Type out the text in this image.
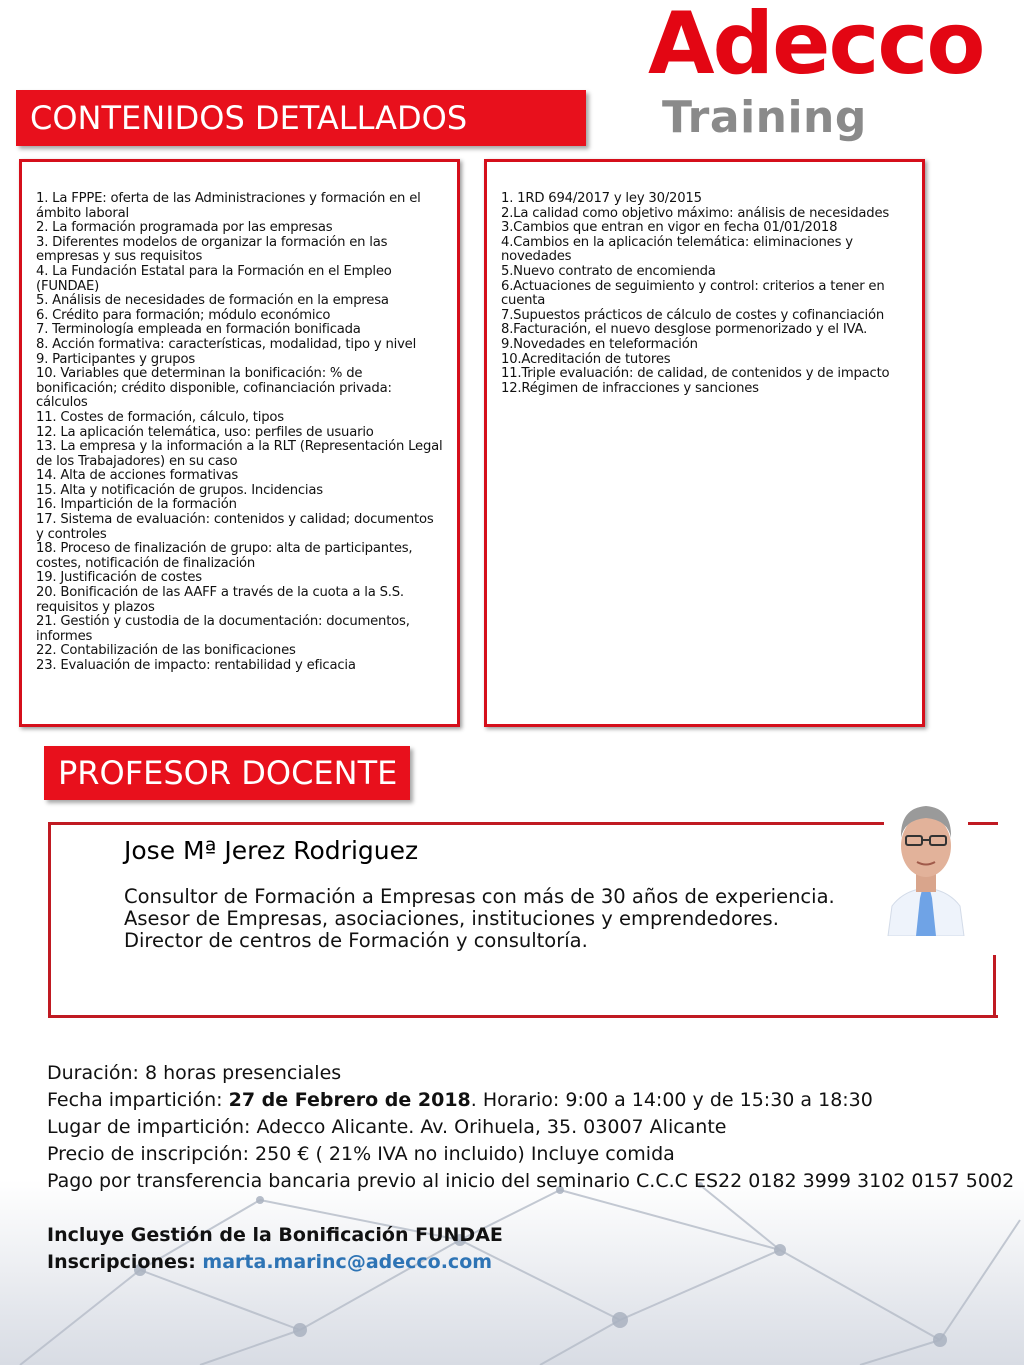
Adecco
Training
CONTENIDOS DETALLADOS
1. La FPPE: oferta de las Administraciones y formación en el ámbito laboral
2. La formación programada por las empresas
3. Diferentes modelos de organizar la formación en las empresas y sus requisitos
4. La Fundación Estatal para la Formación en el Empleo (FUNDAE)
5. Análisis de necesidades de formación en la empresa
6. Crédito para formación; módulo económico
7. Terminología empleada en formación bonificada
8. Acción formativa: características, modalidad, tipo y nivel
9. Participantes y grupos
10. Variables que determinan la bonificación: % de bonificación; crédito disponible, cofinanciación privada: cálculos
11. Costes de formación, cálculo, tipos
12. La aplicación telemática, uso: perfiles de usuario
13. La empresa y la información a la RLT (Representación Legal de los Trabajadores) en su caso
14. Alta de acciones formativas
15. Alta y notificación de grupos. Incidencias
16. Impartición de la formación
17. Sistema de evaluación: contenidos y calidad; documentos y controles
18. Proceso de finalización de grupo: alta de participantes, costes, notificación de finalización
19. Justificación de costes
20. Bonificación de las AAFF a través de la cuota a la S.S. requisitos y plazos
21. Gestión y custodia de la documentación: documentos, informes
22. Contabilización de las bonificaciones
23. Evaluación de impacto: rentabilidad y eficacia
1. 1RD 694/2017 y ley 30/2015
2.La calidad como objetivo máximo: análisis de necesidades
3.Cambios que entran en vigor en fecha 01/01/2018
4.Cambios en la aplicación telemática: eliminaciones y novedades
5.Nuevo contrato de encomienda
6.Actuaciones de seguimiento y control: criterios a tener en cuenta
7.Supuestos prácticos de cálculo de costes y cofinanciación
8.Facturación, el nuevo desglose pormenorizado y el IVA.
9.Novedades en teleformación
10.Acreditación de tutores
11.Triple evaluación: de calidad, de contenidos y de impacto
12.Régimen de infracciones y sanciones
PROFESOR DOCENTE
Jose Mª Jerez Rodriguez
Consultor de Formación a Empresas con más de 30 años de experiencia.
Asesor de Empresas, asociaciones, instituciones y emprendedores.
Director de centros de Formación y consultoría.
Duración: 8 horas presenciales
Fecha impartición: 27 de Febrero de 2018. Horario: 9:00 a 14:00 y de 15:30 a 18:30
Lugar de impartición: Adecco Alicante. Av. Orihuela, 35. 03007 Alicante
Precio de inscripción: 250 € ( 21% IVA no incluido) Incluye comida
Pago por transferencia bancaria previo al inicio del seminario C.C.C ES22 0182 3999 3102 0157 5002
Incluye Gestión de la Bonificación FUNDAE
Inscripciones: marta.marinc@adecco.com
